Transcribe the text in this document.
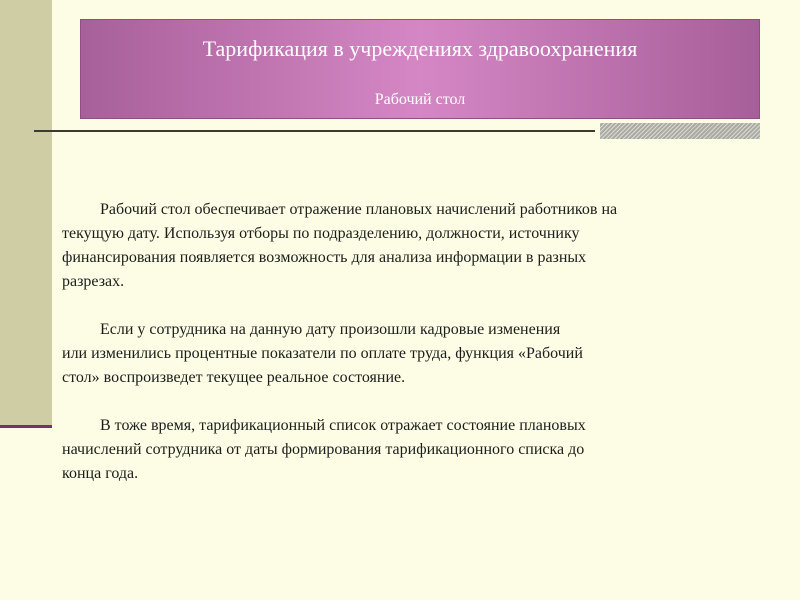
Тарификация в учреждениях здравоохранения
Рабочий стол

Рабочий стол обеспечивает отражение плановых начислений работников на
текущую дату. Используя отборы по подразделению, должности, источнику
финансирования появляется возможность для анализа информации в разных
разрезах.

Если у сотрудника на данную дату произошли кадровые изменения
или изменились процентные показатели по оплате труда, функция «Рабочий
стол» воспроизведет текущее реальное состояние.

В тоже время, тарификационный список отражает состояние плановых
начислений сотрудника от даты формирования тарификационного списка до
конца года.
